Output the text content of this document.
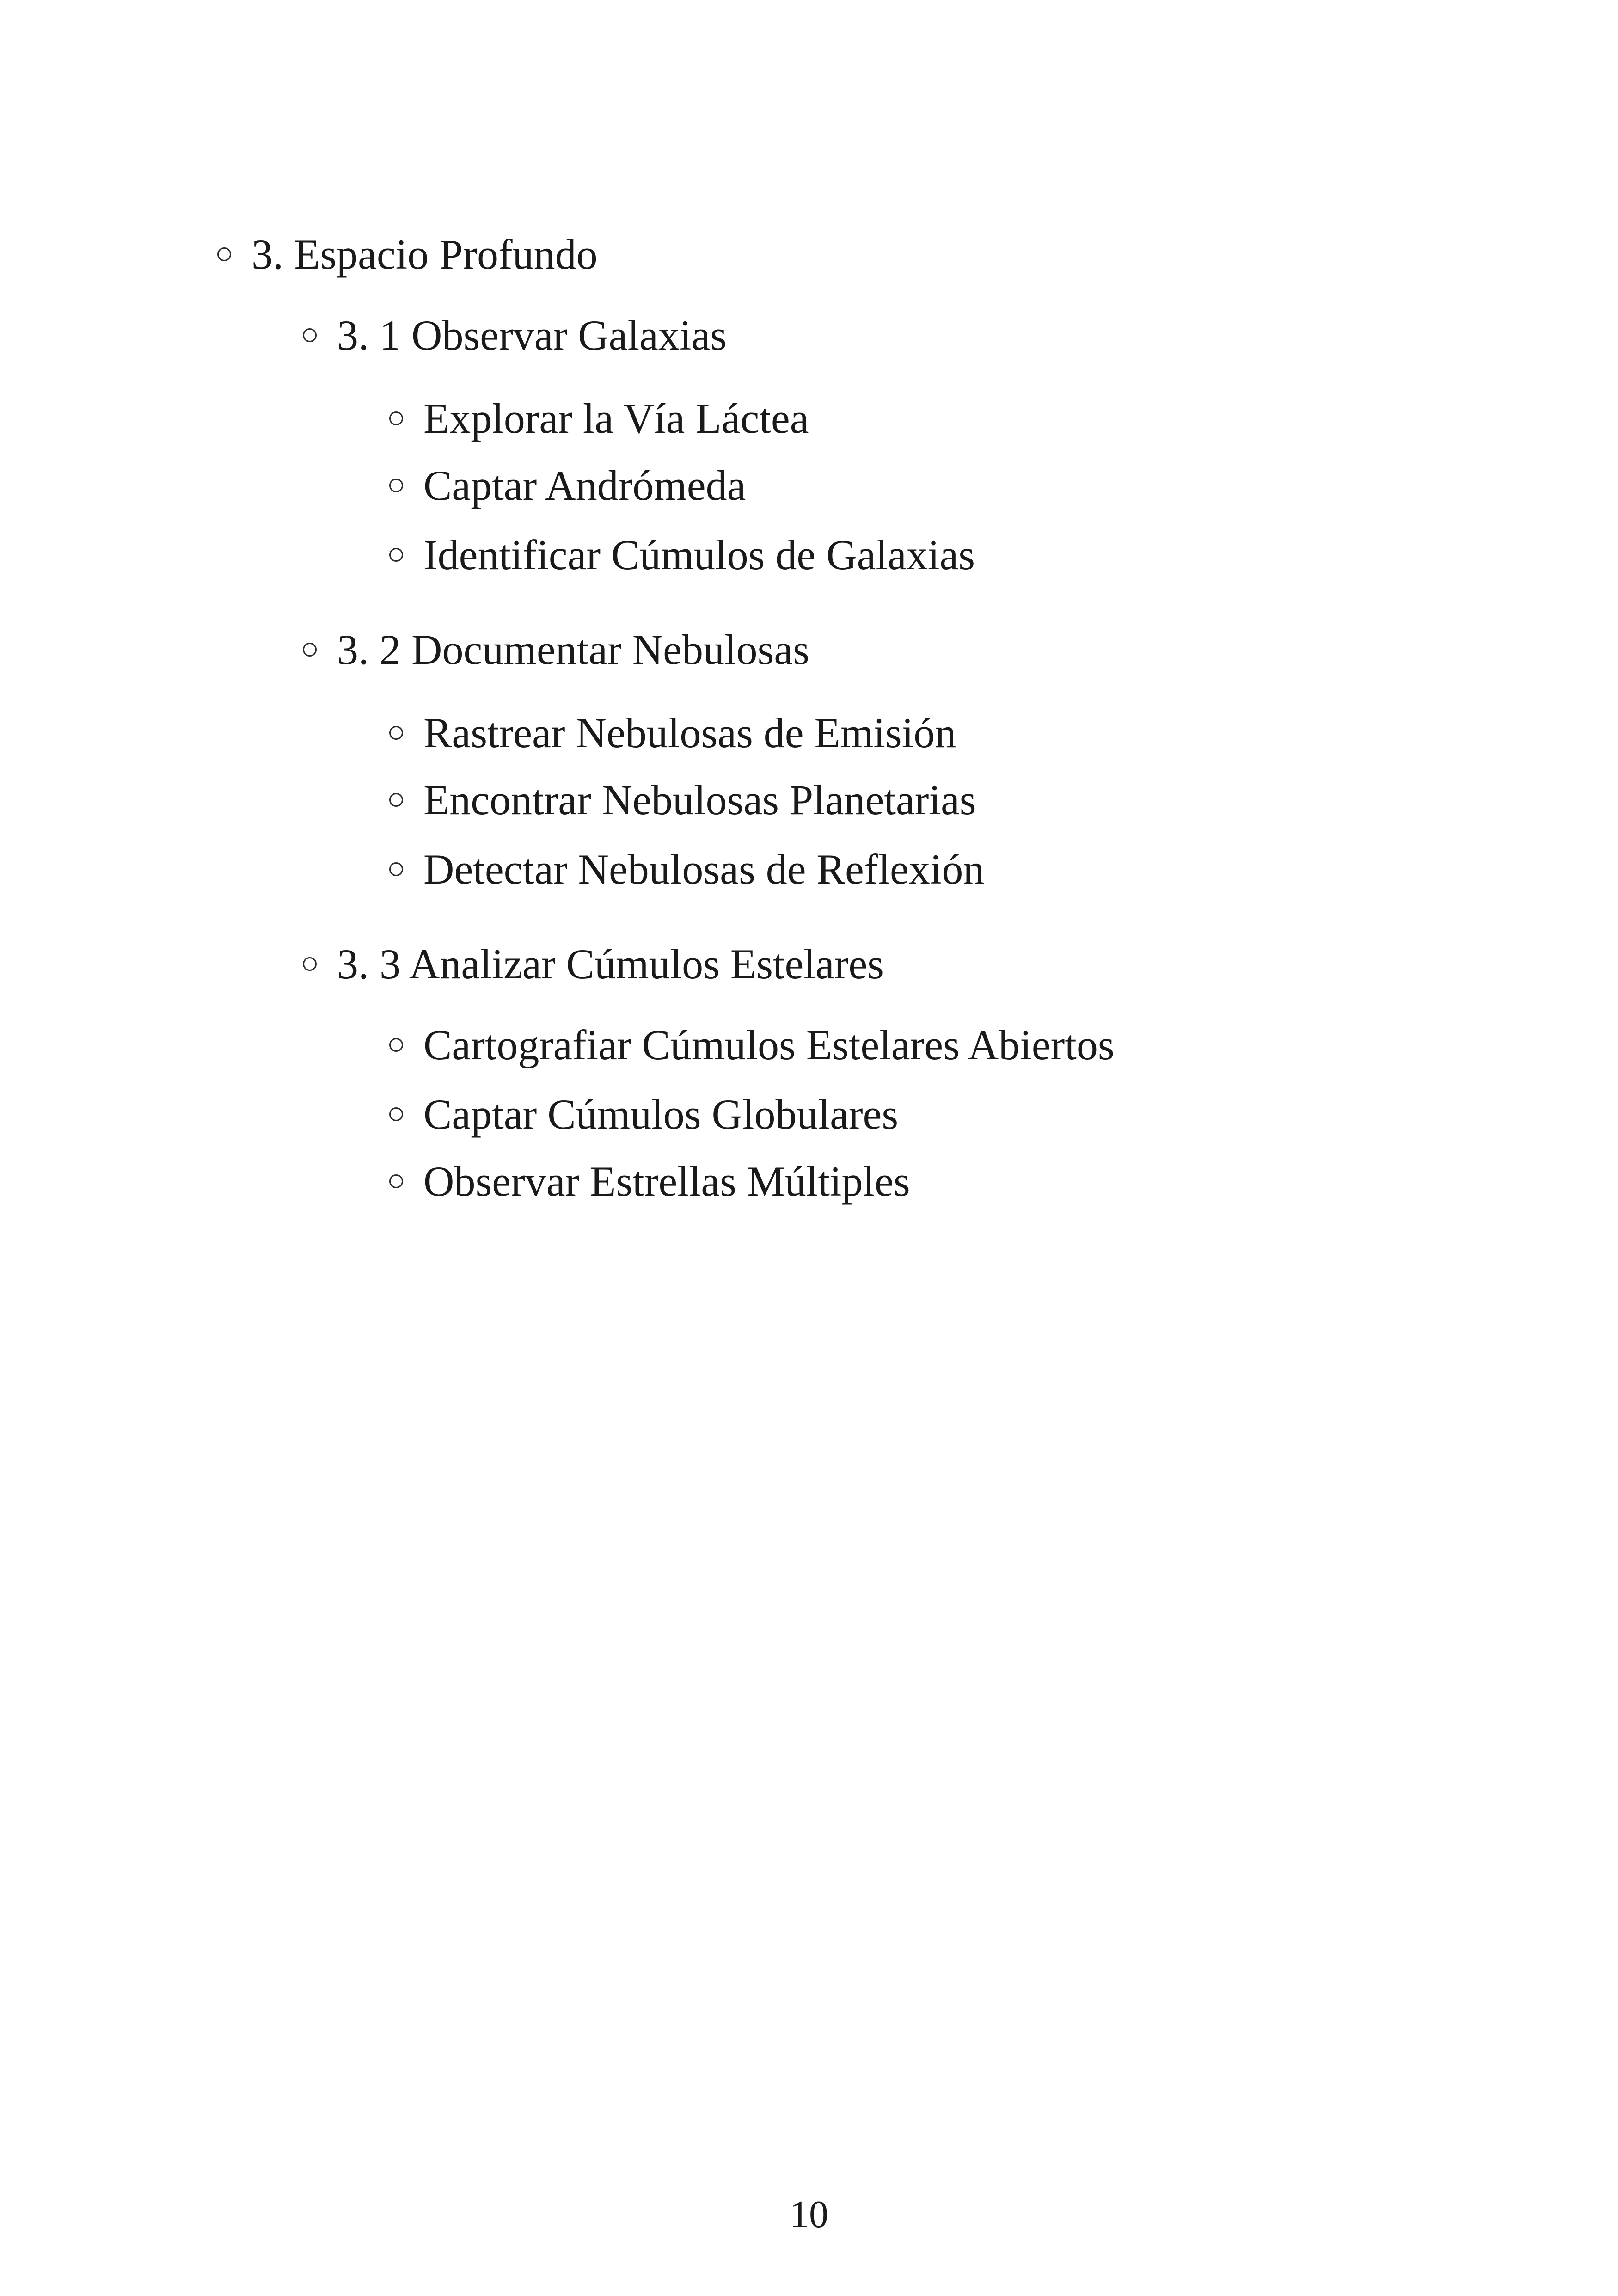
3. Espacio Profundo
3. 1 Observar Galaxias
Explorar la Vía Láctea
Captar Andrómeda
Identificar Cúmulos de Galaxias
3. 2 Documentar Nebulosas
Rastrear Nebulosas de Emisión
Encontrar Nebulosas Planetarias
Detectar Nebulosas de Reflexión
3. 3 Analizar Cúmulos Estelares
Cartografiar Cúmulos Estelares Abiertos
Captar Cúmulos Globulares
Observar Estrellas Múltiples
10
